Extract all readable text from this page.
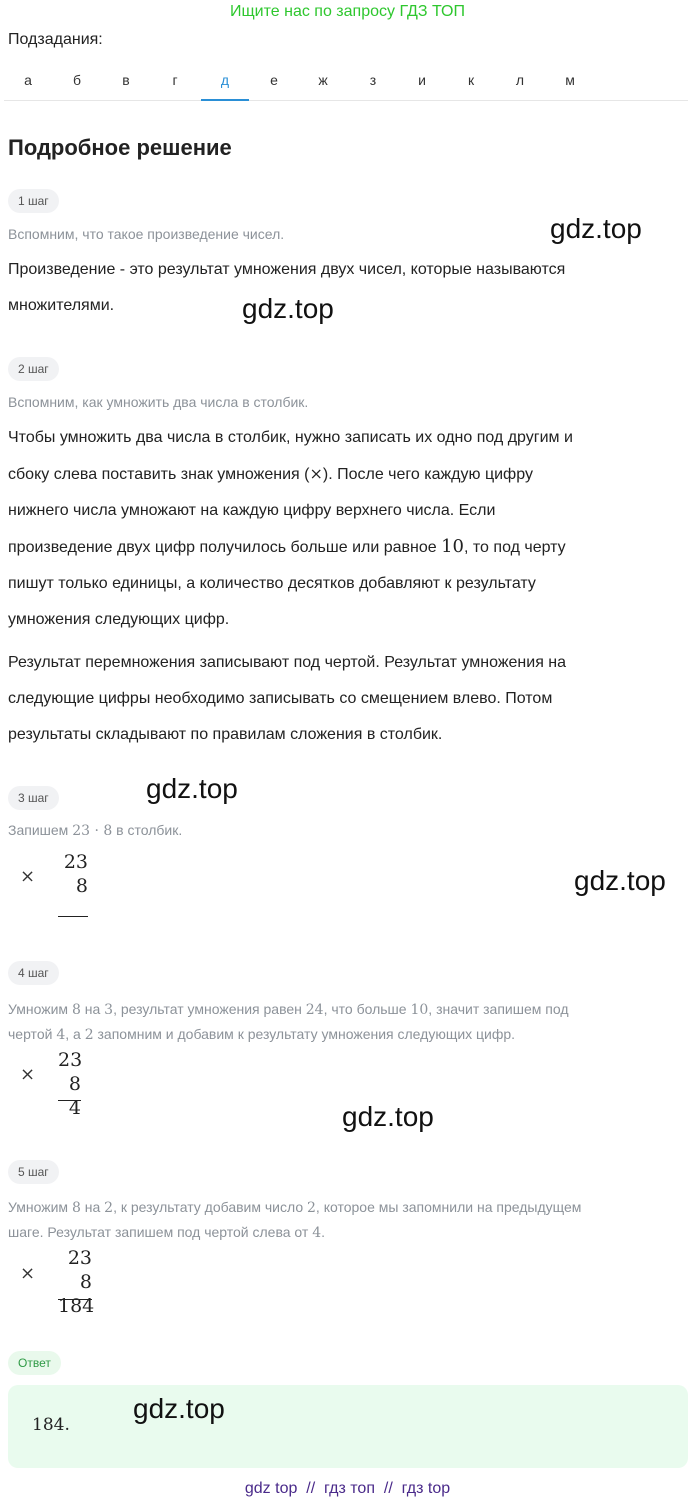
Ищите нас по запросу ГДЗ ТОП
Подзадания:
а	б	в	г	д	е	ж	з	и	к	л	м
Подробное решение
1 шаг
Вспомним, что такое произведение чисел.
Произведение - это результат умножения двух чисел, которые называются
множителями.
gdz.top
gdz.top
2 шаг
Вспомним, как умножить два числа в столбик.
Чтобы умножить два числа в столбик, нужно записать их одно под другим и
сбоку слева поставить знак умножения (×). После чего каждую цифру
нижнего числа умножают на каждую цифру верхнего числа. Если
произведение двух цифр получилось больше или равное 10, то под черту
пишут только единицы, а количество десятков добавляют к результату
умножения следующих цифр.
Результат перемножения записывают под чертой. Результат умножения на
следующие цифры необходимо записывать со смещением влево. Потом
результаты складывают по правилам сложения в столбик.
3 шаг	gdz.top
Запишем 23 · 8 в столбик.
×
23
8	gdz.top
4 шаг
Умножим 8 на 3, результат умножения равен 24, что больше 10, значит запишем под
чертой 4, а 2 запомним и добавим к результату умножения следующих цифр.
×
23
8
4	gdz.top
5 шаг
Умножим 8 на 2, к результату добавим число 2, которое мы запомнили на предыдущем
шаге. Результат запишем под чертой слева от 4.
×
23
8
184
Ответ
184.
gdz.top
gdz top  //  гдз топ  //  гдз top
